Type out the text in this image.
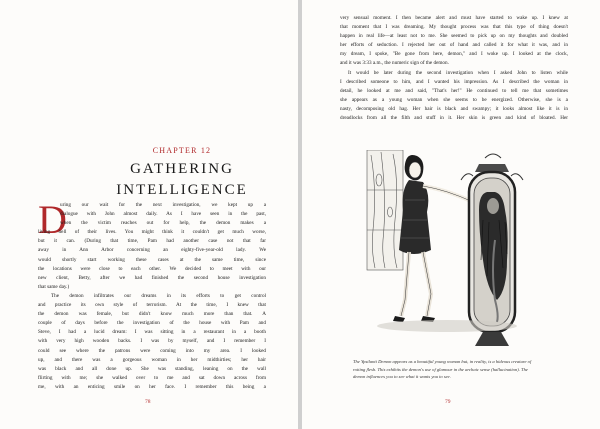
CHAPTER 12
GATHERING
INTELLIGENCE
D
uring our wait for the next investigation, we kept up a
dialogue with John almost daily. As I have seen in the past,
when the victim reaches out for help, the demon makes a
living hell of their lives. You might think it couldn't get much worse,
but it can. (During that time, Pam had another case not that far
away in Ann Arbor concerning an eighty-five-year-old lady. We
would shortly start working these cases at the same time, since
the locations were close to each other. We decided to meet with our
new client, Betty, after we had finished the second house investigation
that same day.)
The demon infiltrates our dreams in its efforts to get control
and practice its own style of terrorism. At the time, I knew that
the demon was female, but didn't know much more than that. A
couple of days before the investigation of the house with Pam and
Steve, I had a lucid dream: I was sitting in a restaurant in a booth
with very high wooden backs. I was by myself, and I remember I
could see where the patrons were coming into my area. I looked
up, and there was a gorgeous woman in her midthirties; her hair
was black and all done up. She was standing, leaning on the wall
flirting with me; she walked over to me and sat down across from
me, with an enticing smile on her face. I remember this being a
78
very sensual moment. I then became alert and must have started to wake up. I knew at
that moment that I was dreaming. My thought process was that this type of thing doesn't
happen in real life—at least not to me. She seemed to pick up on my thoughts and doubled
her efforts of seduction. I rejected her out of hand and called it for what it was, and in
my dream, I spoke, "Be gone from here, demon," and I woke up. I looked at the clock,
and it was 3:33 a.m., the numeric sign of the demon.
It would be later during the second investigation when I asked John to listen while
I described someone to him, and I wanted his impression. As I described the woman in
detail, he looked at me and said, "That's her!" He continued to tell me that sometimes
she appears as a young woman when she seems to be energized. Otherwise, she is a
nasty, decomposing old hag. Her hair is black and swampy; it looks almost like it is in
dreadlocks from all the filth and stuff in it. Her skin is green and kind of bloated. Her
The Ypsilanti Demon appears as a beautiful young woman but, in reality, is a hideous creature of
rotting flesh. This exhibits the demon's use of glamour in the archaic sense (hallucination). The
demon influences you to see what it wants you to see.
79
